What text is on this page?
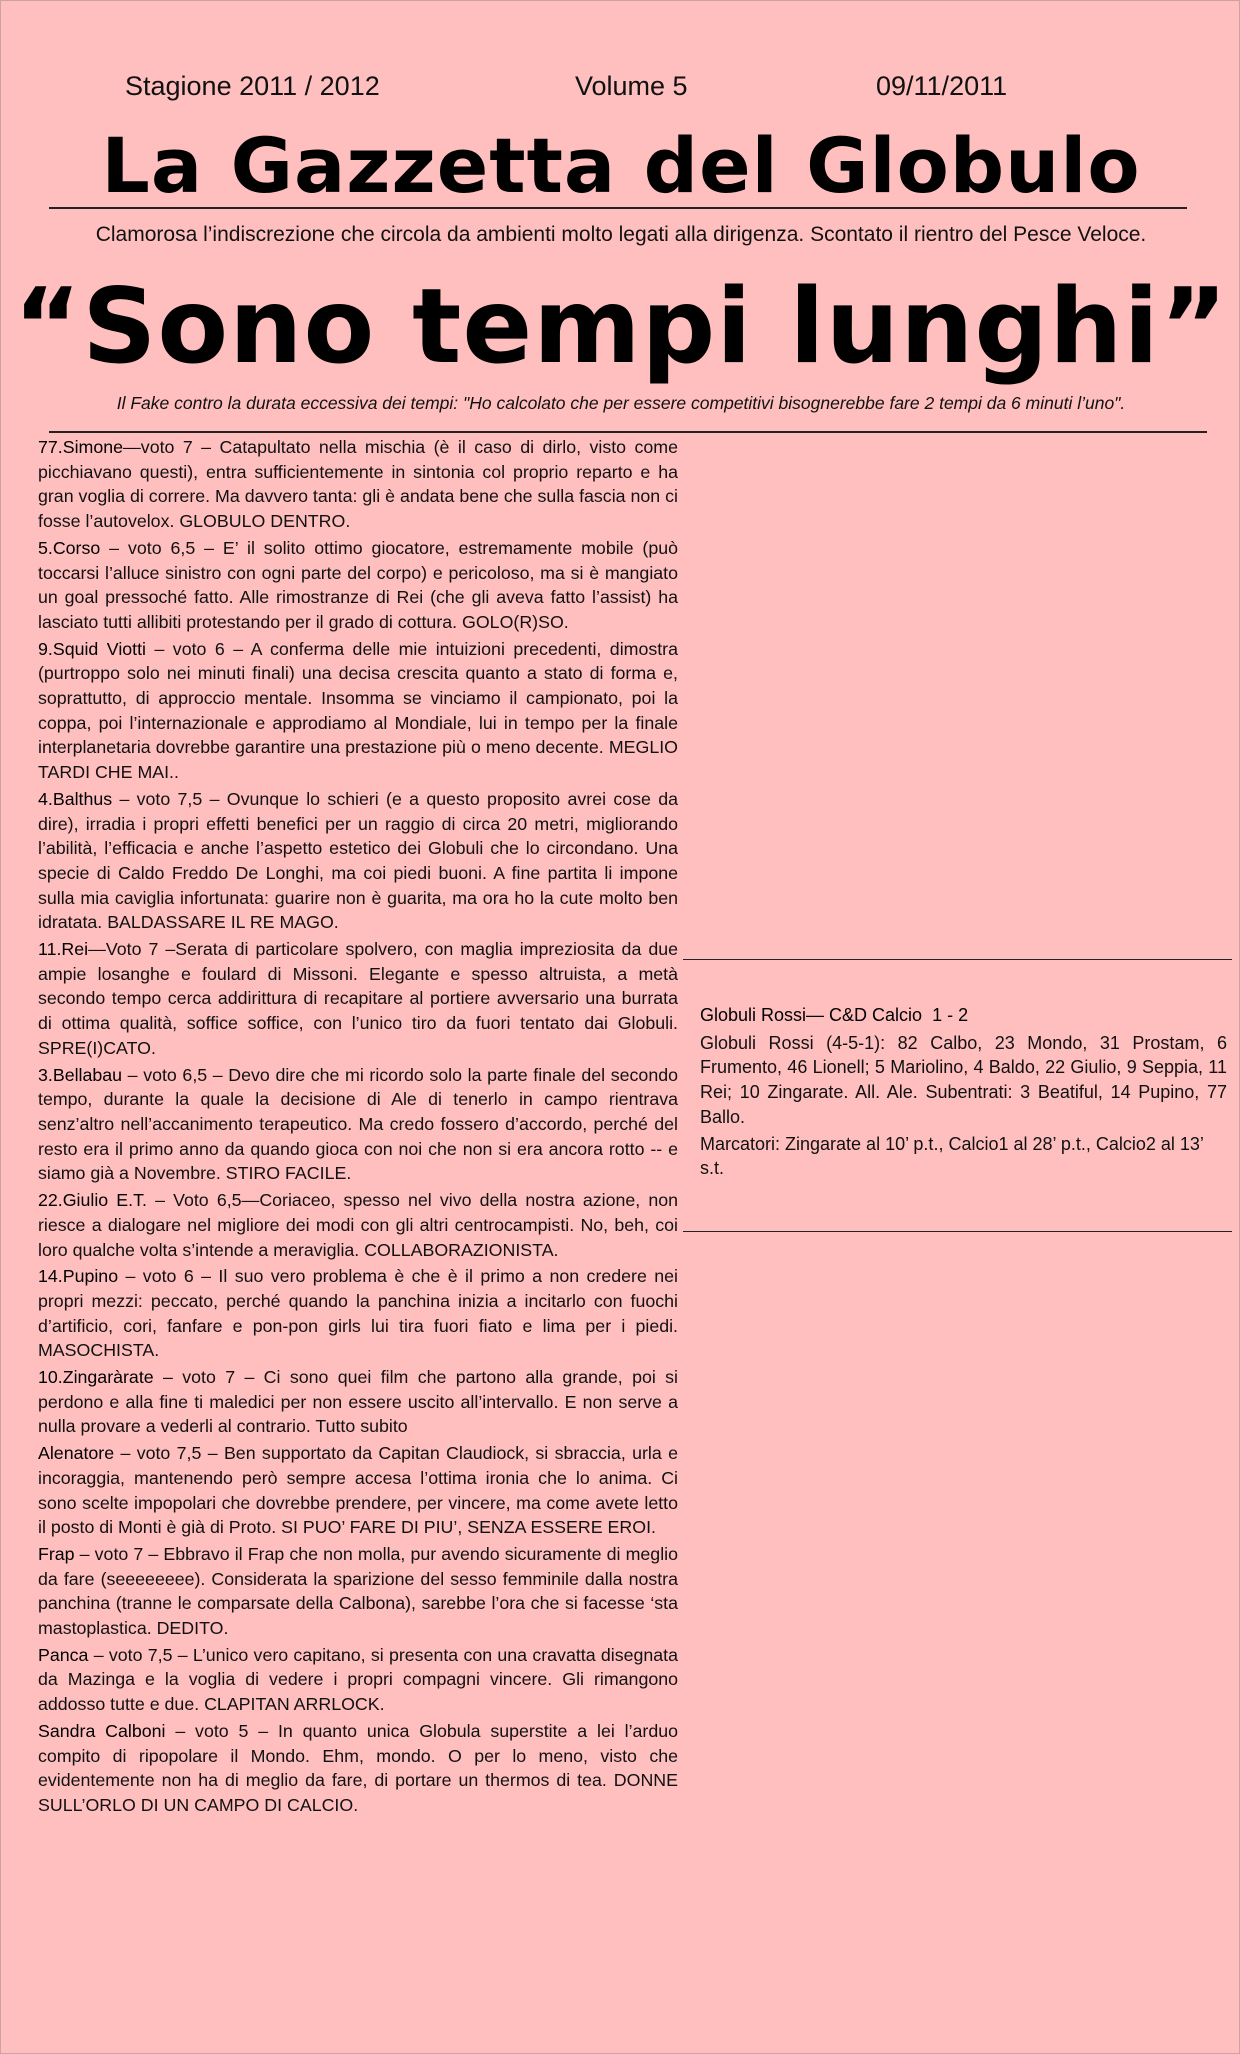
Stagione 2011 / 2012	Volume 5	09/11/2011
La Gazzetta del Globulo
Clamorosa l’indiscrezione che circola da ambienti molto legati alla dirigenza. Scontato il rientro del Pesce Veloce.
“Sono tempi lunghi”
Il Fake contro la durata eccessiva dei tempi: "Ho calcolato che per essere competitivi bisognerebbe fare 2 tempi da 6 minuti l’uno".
77.Simone—voto 7 – Catapultato nella mischia (è il caso di dirlo, visto come picchiavano questi), entra sufficientemente in sintonia col proprio reparto e ha gran voglia di correre. Ma davvero tanta: gli è andata bene che sulla fascia non ci fosse l’autovelox. GLOBULO DENTRO.
5.Corso – voto 6,5 – E’ il solito ottimo giocatore, estremamente mobile (può toccarsi l’alluce sinistro con ogni parte del corpo) e pericoloso, ma si è mangiato un goal pressoché fatto. Alle rimostranze di Rei (che gli aveva fatto l’assist) ha lasciato tutti allibiti protestando per il grado di cottura. GOLO(R)SO.
9.Squid Viotti – voto 6 – A conferma delle mie intuizioni precedenti, dimostra (purtroppo solo nei minuti finali) una decisa crescita quanto a stato di forma e, soprattutto, di approccio mentale. Insomma se vinciamo il campionato, poi la coppa, poi l’internazionale e approdiamo al Mondiale, lui in tempo per la finale interplanetaria dovrebbe garantire una prestazione più o meno decente. MEGLIO TARDI CHE MAI..
4.Balthus – voto 7,5 – Ovunque lo schieri (e a questo proposito avrei cose da dire), irradia i propri effetti benefici per un raggio di circa 20 metri, migliorando l’abilità, l’efficacia e anche l’aspetto estetico dei Globuli che lo circondano. Una specie di Caldo Freddo De Longhi, ma coi piedi buoni. A fine partita li impone sulla mia caviglia infortunata: guarire non è guarita, ma ora ho la cute molto ben idratata. BALDASSARE IL RE MAGO.
11.Rei—Voto 7 –Serata di particolare spolvero, con maglia impreziosita da due ampie losanghe e foulard di Missoni. Elegante e spesso altruista, a metà secondo tempo cerca addirittura di recapitare al portiere avversario una burrata di ottima qualità, soffice soffice, con l’unico tiro da fuori tentato dai Globuli. SPRE(I)CATO.
3.Bellabau – voto 6,5 – Devo dire che mi ricordo solo la parte finale del secondo tempo, durante la quale la decisione di Ale di tenerlo in campo rientrava senz’altro nell’accanimento terapeutico. Ma credo fossero d’accordo, perché del resto era il primo anno da quando gioca con noi che non si era ancora rotto -- e siamo già a Novembre. STIRO FACILE.
22.Giulio E.T. – Voto 6,5—Coriaceo, spesso nel vivo della nostra azione, non riesce a dialogare nel migliore dei modi con gli altri centrocampisti. No, beh, coi loro qualche volta s’intende a meraviglia. COLLABORAZIONISTA.
14.Pupino – voto 6 – Il suo vero problema è che è il primo a non credere nei propri mezzi: peccato, perché quando la panchina inizia a incitarlo con fuochi d’artificio, cori, fanfare e pon-pon girls lui tira fuori fiato e lima per i piedi. MASOCHISTA.
10.Zingaràrate – voto 7 – Ci sono quei film che partono alla grande, poi si perdono e alla fine ti maledici per non essere uscito all’intervallo. E non serve a nulla provare a vederli al contrario. Tutto subito
Alenatore – voto 7,5 – Ben supportato da Capitan Claudiock, si sbraccia, urla e incoraggia, mantenendo però sempre accesa l’ottima ironia che lo anima. Ci sono scelte impopolari che dovrebbe prendere, per vincere, ma come avete letto il posto di Monti è già di Proto. SI PUO’ FARE DI PIU’, SENZA ESSERE EROI.
Frap – voto 7 – Ebbravo il Frap che non molla, pur avendo sicuramente di meglio da fare (seeeeeeee). Considerata la sparizione del sesso femminile dalla nostra panchina (tranne le comparsate della Calbona), sarebbe l’ora che si facesse ‘sta mastoplastica. DEDITO.
Panca – voto 7,5 – L’unico vero capitano, si presenta con una cravatta disegnata da Mazinga e la voglia di vedere i propri compagni vincere. Gli rimangono addosso tutte e due. CLAPITAN ARRLOCK.
Sandra Calboni – voto 5 – In quanto unica Globula superstite a lei l’arduo compito di ripopolare il Mondo. Ehm, mondo. O per lo meno, visto che evidentemente non ha di meglio da fare, di portare un thermos di tea. DONNE SULL’ORLO DI UN CAMPO DI CALCIO.
Globuli Rossi— C&D Calcio 1 - 2
Globuli Rossi (4-5-1): 82 Calbo, 23 Mondo, 31 Prostam, 6 Frumento, 46 Lionell; 5 Mariolino, 4 Baldo, 22 Giulio, 9 Seppia, 11 Rei; 10 Zingarate. All. Ale. Subentrati: 3 Beatiful, 14 Pupino, 77 Ballo.
Marcatori: Zingarate al 10’ p.t., Calcio1 al 28’ p.t., Calcio2 al 13’ s.t.
